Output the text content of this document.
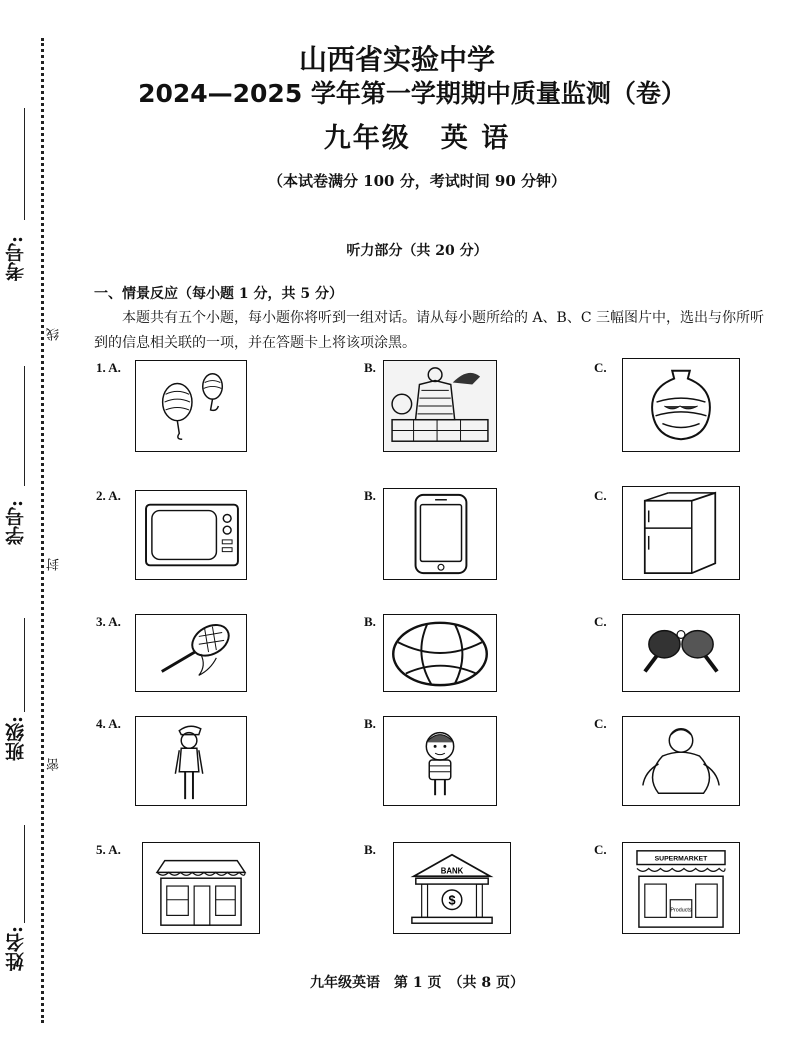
考号:
学号:
班级:
姓名:
线
封
密
山西省实验中学
2024—2025 学年第一学期期中质量监测（卷）
九年级 英 语
（本试卷满分 100 分，考试时间 90 分钟）
听力部分（共 20 分）
一、情景反应（每小题 1 分，共 5 分）
本题共有五个小题，每小题你将听到一组对话。请从每小题所给的 A、B、C 三幅图片中，选出与你所听到的信息相关联的一项，并在答题卡上将该项涂黑。
1. A.	B.	C.
2. A.	B.	C.
3. A.	B.	C.
4. A.	B.	C.
5. A.	B.
BANK
$
C.
SUPERMARKET
Products
九年级英语　第 1 页　（共 8 页）
